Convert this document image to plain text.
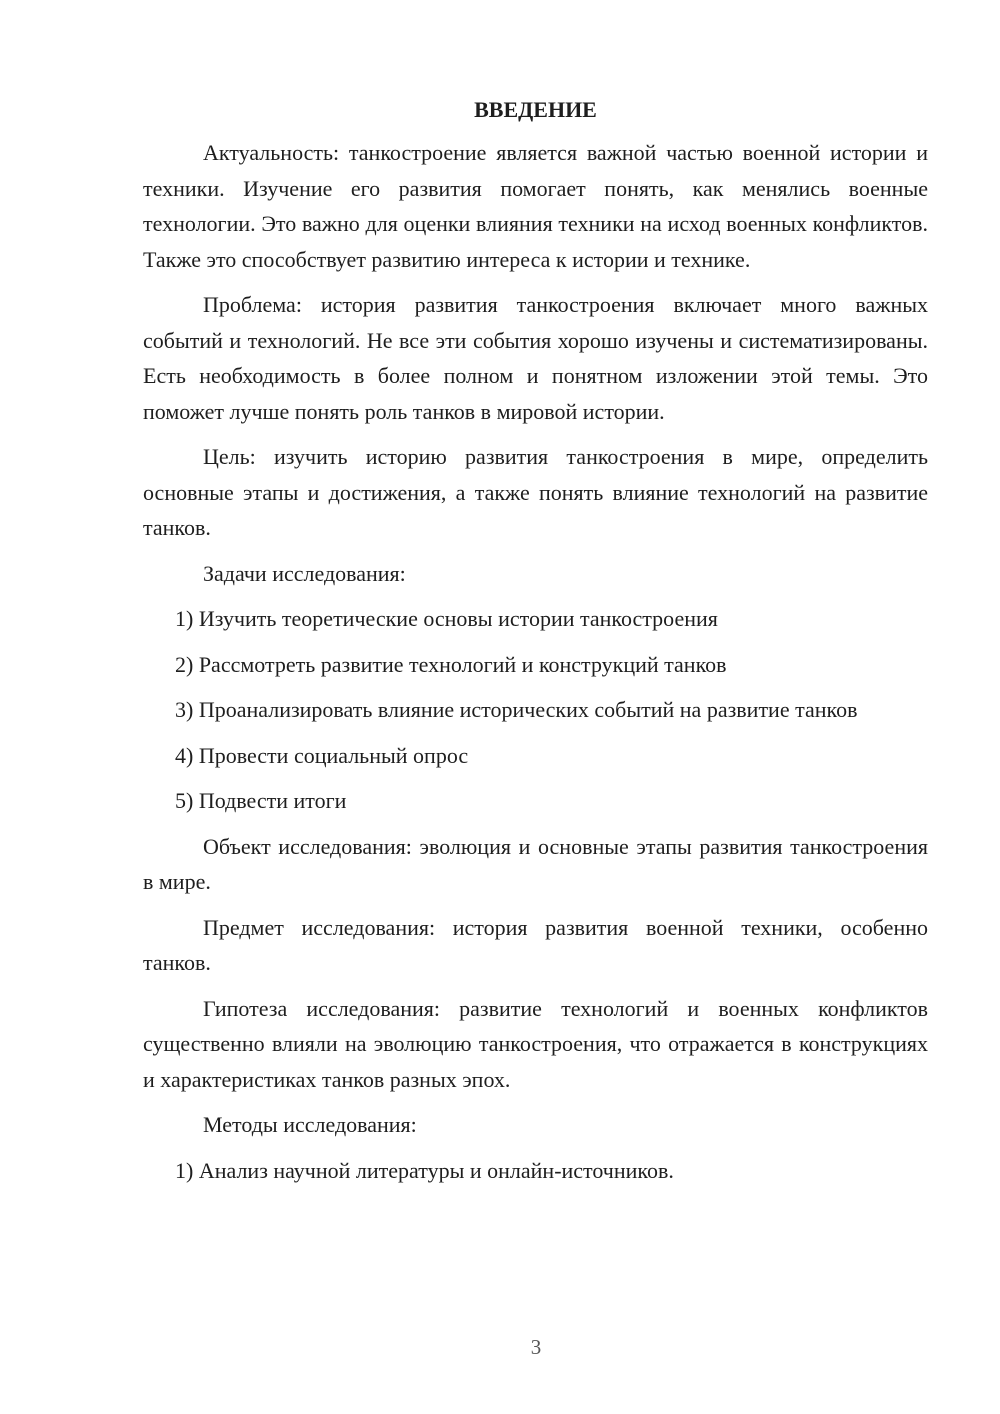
ВВЕДЕНИЕ

Актуальность: танкостроение является важной частью военной истории и техники. Изучение его развития помогает понять, как менялись военные технологии. Это важно для оценки влияния техники на исход военных конфликтов. Также это способствует развитию интереса к истории и технике.

Проблема: история развития танкостроения включает много важных событий и технологий. Не все эти события хорошо изучены и систематизированы. Есть необходимость в более полном и понятном изложении этой темы. Это поможет лучше понять роль танков в мировой истории.

Цель: изучить историю развития танкостроения в мире, определить основные этапы и достижения, а также понять влияние технологий на развитие танков.

Задачи исследования:

1) Изучить теоретические основы истории танкостроения

2) Рассмотреть развитие технологий и конструкций танков

3) Проанализировать влияние исторических событий на развитие танков

4) Провести социальный опрос

5) Подвести итоги

Объект исследования: эволюция и основные этапы развития танкостроения в мире.

Предмет исследования: история развития военной техники, особенно танков.

Гипотеза исследования: развитие технологий и военных конфликтов существенно влияли на эволюцию танкостроения, что отражается в конструкциях и характеристиках танков разных эпох.

Методы исследования:

1) Анализ научной литературы и онлайн-источников.

3
